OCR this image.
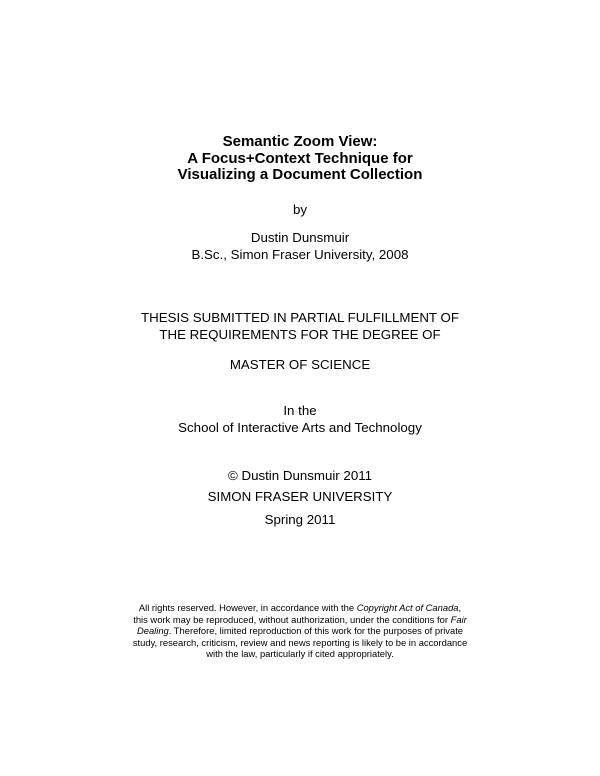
Semantic Zoom View:
A Focus+Context Technique for
Visualizing a Document Collection
by
Dustin Dunsmuir
B.Sc., Simon Fraser University, 2008
THESIS SUBMITTED IN PARTIAL FULFILLMENT OF
THE REQUIREMENTS FOR THE DEGREE OF
MASTER OF SCIENCE
In the
School of Interactive Arts and Technology
© Dustin Dunsmuir 2011
SIMON FRASER UNIVERSITY
Spring 2011
All rights reserved. However, in accordance with the Copyright Act of Canada,
this work may be reproduced, without authorization, under the conditions for Fair
Dealing. Therefore, limited reproduction of this work for the purposes of private
study, research, criticism, review and news reporting is likely to be in accordance
with the law, particularly if cited appropriately.
